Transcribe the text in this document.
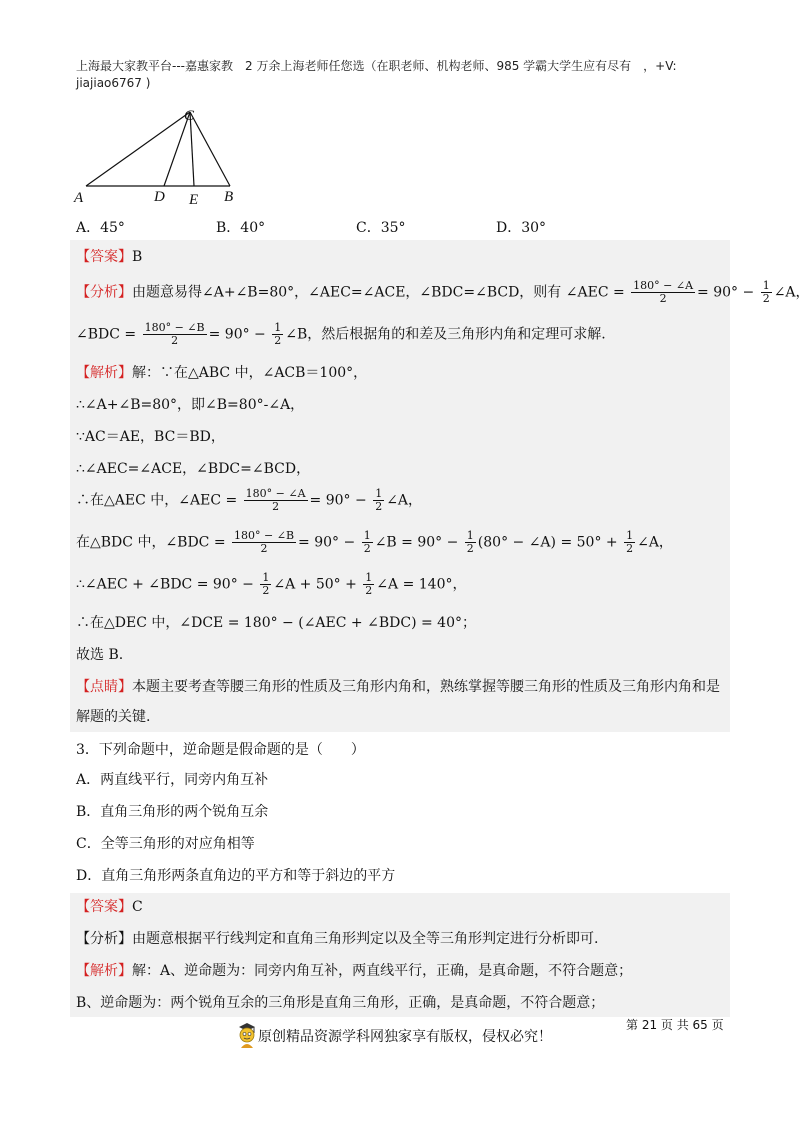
上海最大家教平台---嘉惠家教　2 万余上海老师任您选（在职老师、机构老师、985 学霸大学生应有尽有　，+V:
jiajiao6767 )
A	D E B
C
A．45°	B．40°	C．35°	D．30°
【答案】B
【分析】由题意易得∠A+∠B=80°，∠AEC=∠ACE，∠BDC=∠BCD，则有 ∠AEC = $\frac{180^\circ - \angle A}{2} = 90^\circ - \frac{1}{2}$ ∠A，
∠BDC = $\frac{180^\circ - \angle B}{2} = 90^\circ - \frac{1}{2}$ ∠B，然后根据角的和差及三角形内角和定理可求解.
【解析】解：∵在△ABC 中，∠ACB＝100°，
∴∠A+∠B=80°，即∠B=80°-∠A，
∵AC＝AE，BC＝BD，
∴∠AEC=∠ACE，∠BDC=∠BCD，
∴在△AEC 中，∠AEC = $\frac{180^\circ - \angle A}{2} = 90^\circ - \frac{1}{2}$ ∠A，
在△BDC 中，∠BDC = $\frac{180^\circ - \angle B}{2} = 90^\circ - \frac{1}{2}$ ∠B = $90^\circ - \frac{1}{2} (80^\circ$ − ∠A) = $50^\circ + \frac{1}{2}$ ∠A，
∴∠AEC + ∠BDC = $90^\circ - \frac{1}{2}$ ∠A + $50^\circ + \frac{1}{2}$ ∠A = 140°，
∴在△DEC 中，∠DCE = 180° − (∠AEC + ∠BDC) = 40°；
故选 B.
【点睛】本题主要考查等腰三角形的性质及三角形内角和，熟练掌握等腰三角形的性质及三角形内角和是
解题的关键.
3．下列命题中，逆命题是假命题的是（　　）
A．两直线平行，同旁内角互补
B．直角三角形的两个锐角互余
C．全等三角形的对应角相等
D．直角三角形两条直角边的平方和等于斜边的平方
【答案】C
【分析】由题意根据平行线判定和直角三角形判定以及全等三角形判定进行分析即可.
【解析】解：A、逆命题为：同旁内角互补，两直线平行，正确，是真命题，不符合题意；
B、逆命题为：两个锐角互余的三角形是直角三角形，正确，是真命题，不符合题意；
第 21 页 共 65 页
原创精品资源学科网独家享有版权，侵权必究！
